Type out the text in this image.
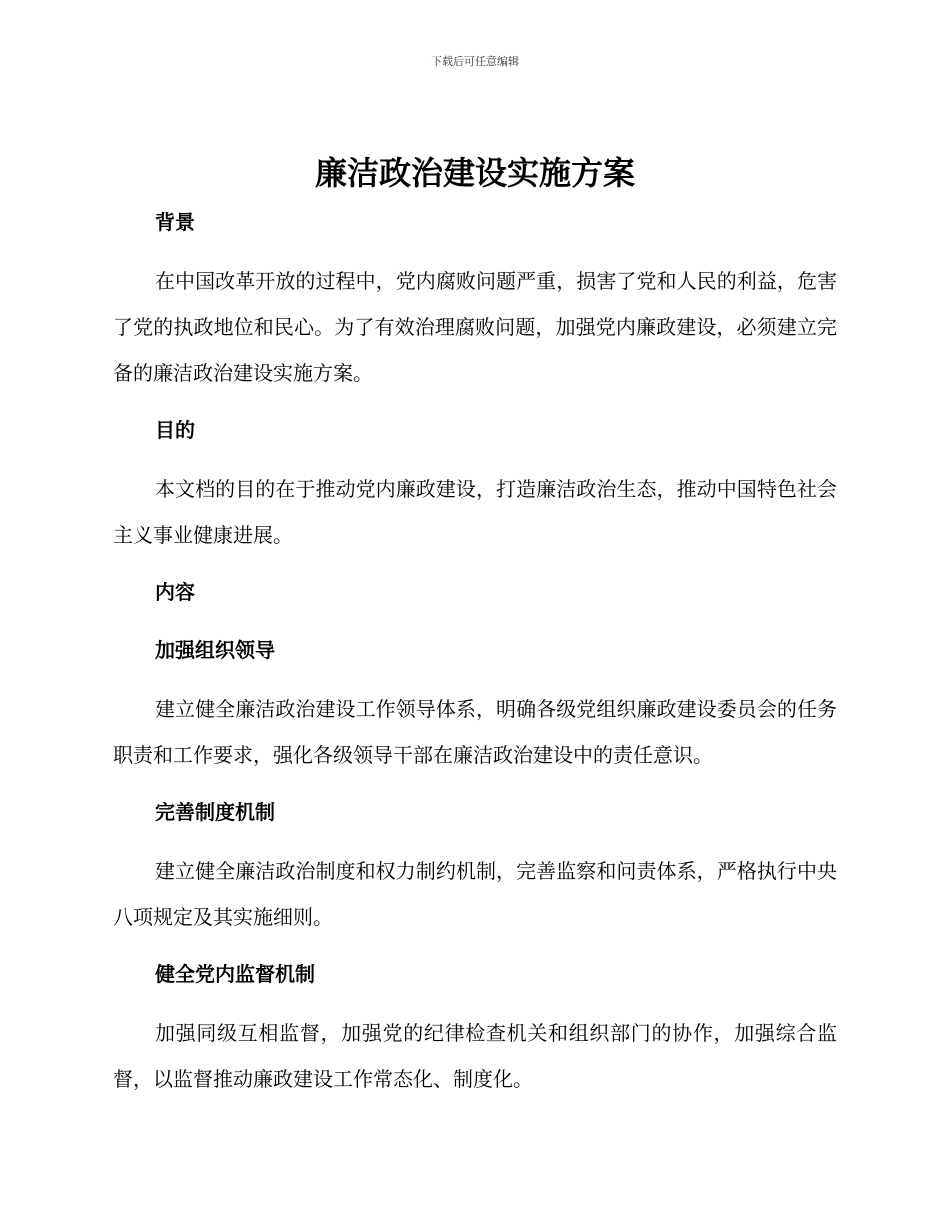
下载后可任意编辑
廉洁政治建设实施方案
背景

在中国改革开放的过程中，党内腐败问题严重，损害了党和人民的利益，危害了党的执政地位和民心。为了有效治理腐败问题，加强党内廉政建设，必须建立完备的廉洁政治建设实施方案。

目的

本文档的目的在于推动党内廉政建设，打造廉洁政治生态，推动中国特色社会主义事业健康进展。

内容
加强组织领导

建立健全廉洁政治建设工作领导体系，明确各级党组织廉政建设委员会的任务职责和工作要求，强化各级领导干部在廉洁政治建设中的责任意识。

完善制度机制

建立健全廉洁政治制度和权力制约机制，完善监察和问责体系，严格执行中央八项规定及其实施细则。

健全党内监督机制

加强同级互相监督，加强党的纪律检查机关和组织部门的协作，加强综合监督，以监督推动廉政建设工作常态化、制度化。
